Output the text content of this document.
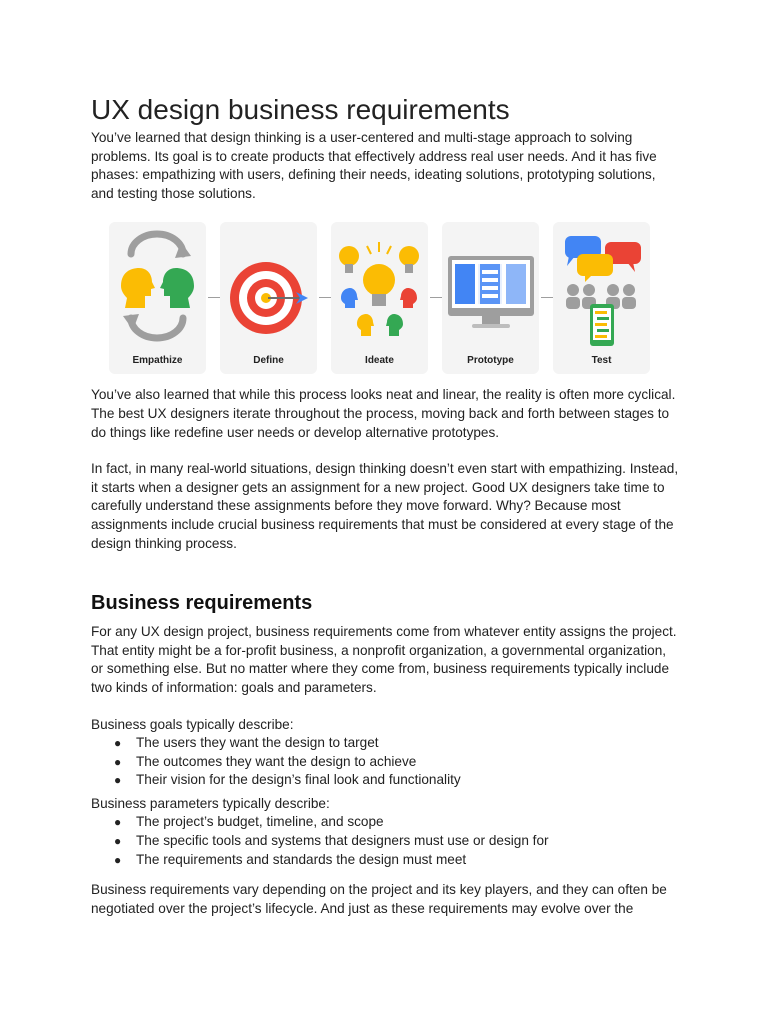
UX design business requirements

You’ve learned that design thinking is a user-centered and multi-stage approach to solving problems. Its goal is to create products that effectively address real user needs. And it has five phases: empathizing with users, defining their needs, ideating solutions, prototyping solutions, and testing those solutions.

Empathize	Define	Ideate	Prototype	Test

You’ve also learned that while this process looks neat and linear, the reality is often more cyclical. The best UX designers iterate throughout the process, moving back and forth between stages to do things like redefine user needs or develop alternative prototypes.

In fact, in many real-world situations, design thinking doesn’t even start with empathizing. Instead, it starts when a designer gets an assignment for a new project. Good UX designers take time to carefully understand these assignments before they move forward. Why? Because most assignments include crucial business requirements that must be considered at every stage of the design thinking process.

Business requirements

For any UX design project, business requirements come from whatever entity assigns the project. That entity might be a for-profit business, a nonprofit organization, a governmental organization, or something else. But no matter where they come from, business requirements typically include two kinds of information: goals and parameters.

Business goals typically describe:

● The users they want the design to target
● The outcomes they want the design to achieve
● Their vision for the design’s final look and functionality

Business parameters typically describe:

● The project’s budget, timeline, and scope
● The specific tools and systems that designers must use or design for
● The requirements and standards the design must meet

Business requirements vary depending on the project and its key players, and they can often be negotiated over the project’s lifecycle. And just as these requirements may evolve over the
